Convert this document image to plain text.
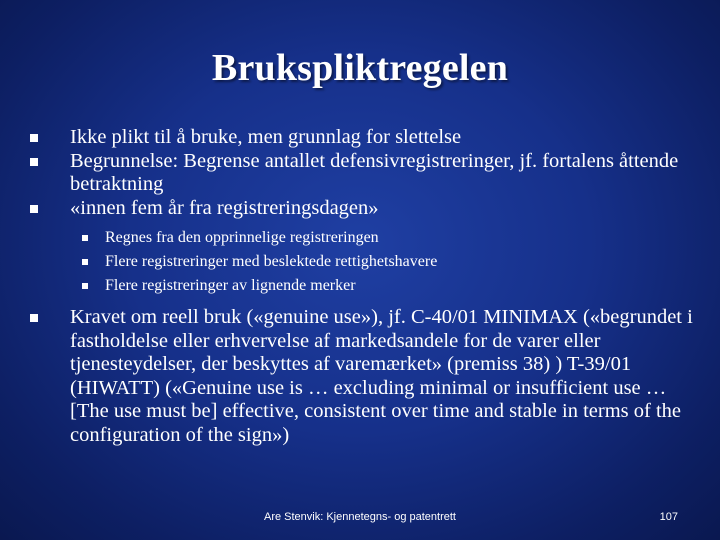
Brukspliktregelen
Ikke plikt til å bruke, men grunnlag for slettelse
Begrunnelse: Begrense antallet defensivregistreringer, jf. fortalens åttende betraktning
«innen fem år fra registreringsdagen»
Regnes fra den opprinnelige registreringen
Flere registreringer med beslektede rettighetshavere
Flere registreringer av lignende merker
Kravet om reell bruk («genuine use»), jf. C-40/01 MINIMAX («begrundet i fastholdelse eller erhvervelse af markedsandele for de varer eller tjenesteydelser, der beskyttes af varemærket» (premiss 38) ) T-39/01 (HIWATT) («Genuine use is … excluding minimal or insufficient use … [The use must be] effective, consistent over time and stable in terms of the configuration of the sign»)
Are Stenvik: Kjennetegns- og patentrett	107
